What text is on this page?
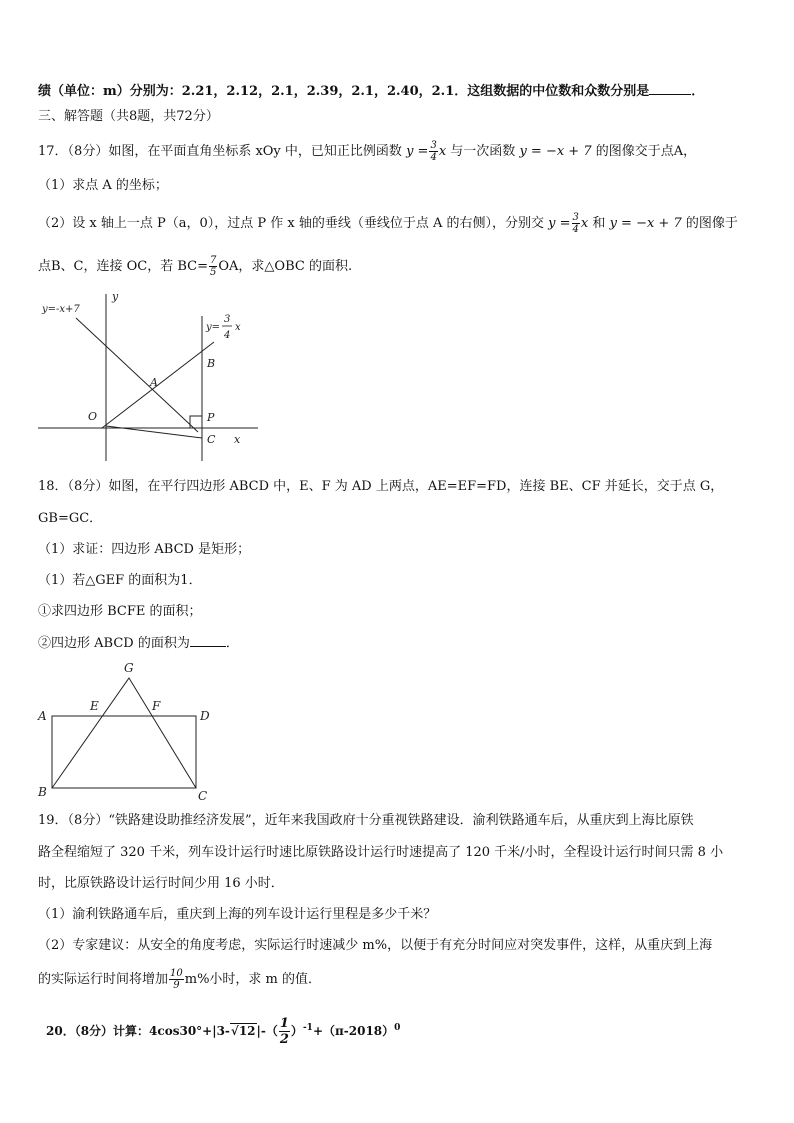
绩（单位：m）分别为：2.21，2.12，2.1，2.39，2.1，2.40，2.1．这组数据的中位数和众数分别是	．
三、解答题（共8题，共72分）
17．（8分）如图，在平面直角坐标系 xOy 中，已知正比例函数 $y = \frac{3}{4}$ x 与一次函数 y = −x + 7 的图像交于点A，
（1）求点 A 的坐标；
（2）设 x 轴上一点 P（a，0），过点 P 作 x 轴的垂线（垂线位于点 A 的右侧），分别交 $y = \frac{3}{4}$ x 和 y = −x + 7 的图像于
点B、C，连接 OC，若 $BC= \frac{7}{5}$ OA，求△OBC 的面积.
y
x
O
A
B
P
C
y=-x+7
y=
3
4
x
18．（8分）如图，在平行四边形 ABCD 中，E、F 为 AD 上两点，AE=EF=FD，连接 BE、CF 并延长，交于点 G，
GB=GC．
（1）求证：四边形 ABCD 是矩形；
（1）若△GEF 的面积为1．
①求四边形 BCFE 的面积；
②四边形 ABCD 的面积为	．
G
A
E	F
D
B	C
19．（8分）“铁路建设助推经济发展”，近年来我国政府十分重视铁路建设．渝利铁路通车后，从重庆到上海比原铁
路全程缩短了 320 千米，列车设计运行时速比原铁路设计运行时速提高了 120 千米/小时，全程设计运行时间只需 8 小
时，比原铁路设计运行时间少用 16 小时．
（1）渝利铁路通车后，重庆到上海的列车设计运行里程是多少千米？
（2）专家建议：从安全的角度考虑，实际运行时速减少 m%，以便于有充分时间应对突发事件，这样，从重庆到上海
的实际运行时间将增加 $\frac{10}{9} m\%$小时，求 m 的值．
20．（8分）计算：$4\cos 30^\circ+|3-√12|-( \frac{1}{2} )^{-1}+(\pi-2018)^0$
